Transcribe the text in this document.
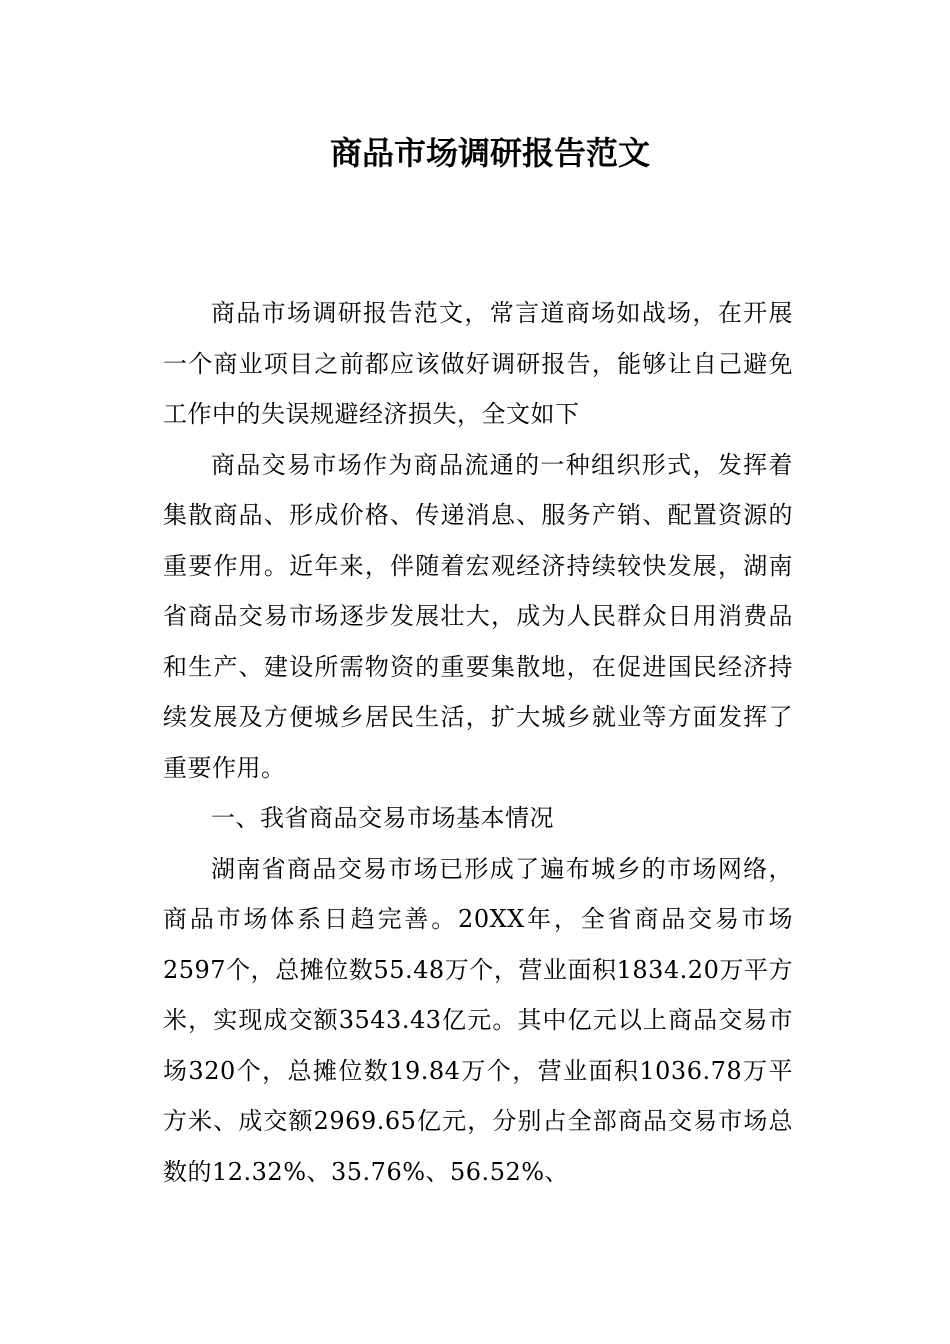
商品市场调研报告范文

商品市场调研报告范文，常言道商场如战场，在开展一个商业项目之前都应该做好调研报告，能够让自己避免工作中的失误规避经济损失，全文如下

商品交易市场作为商品流通的一种组织形式，发挥着集散商品、形成价格、传递消息、服务产销、配置资源的重要作用。近年来，伴随着宏观经济持续较快发展，湖南省商品交易市场逐步发展壮大，成为人民群众日用消费品和生产、建设所需物资的重要集散地，在促进国民经济持续发展及方便城乡居民生活，扩大城乡就业等方面发挥了重要作用。

一、我省商品交易市场基本情况

湖南省商品交易市场已形成了遍布城乡的市场网络，商品市场体系日趋完善。20XX年，全省商品交易市场2597个，总摊位数55.48万个，营业面积1834.20万平方米，实现成交额3543.43亿元。其中亿元以上商品交易市场320个，总摊位数19.84万个，营业面积1036.78万平方米、成交额2969.65亿元，分别占全部商品交易市场总数的12.32%、35.76%、56.52%、
